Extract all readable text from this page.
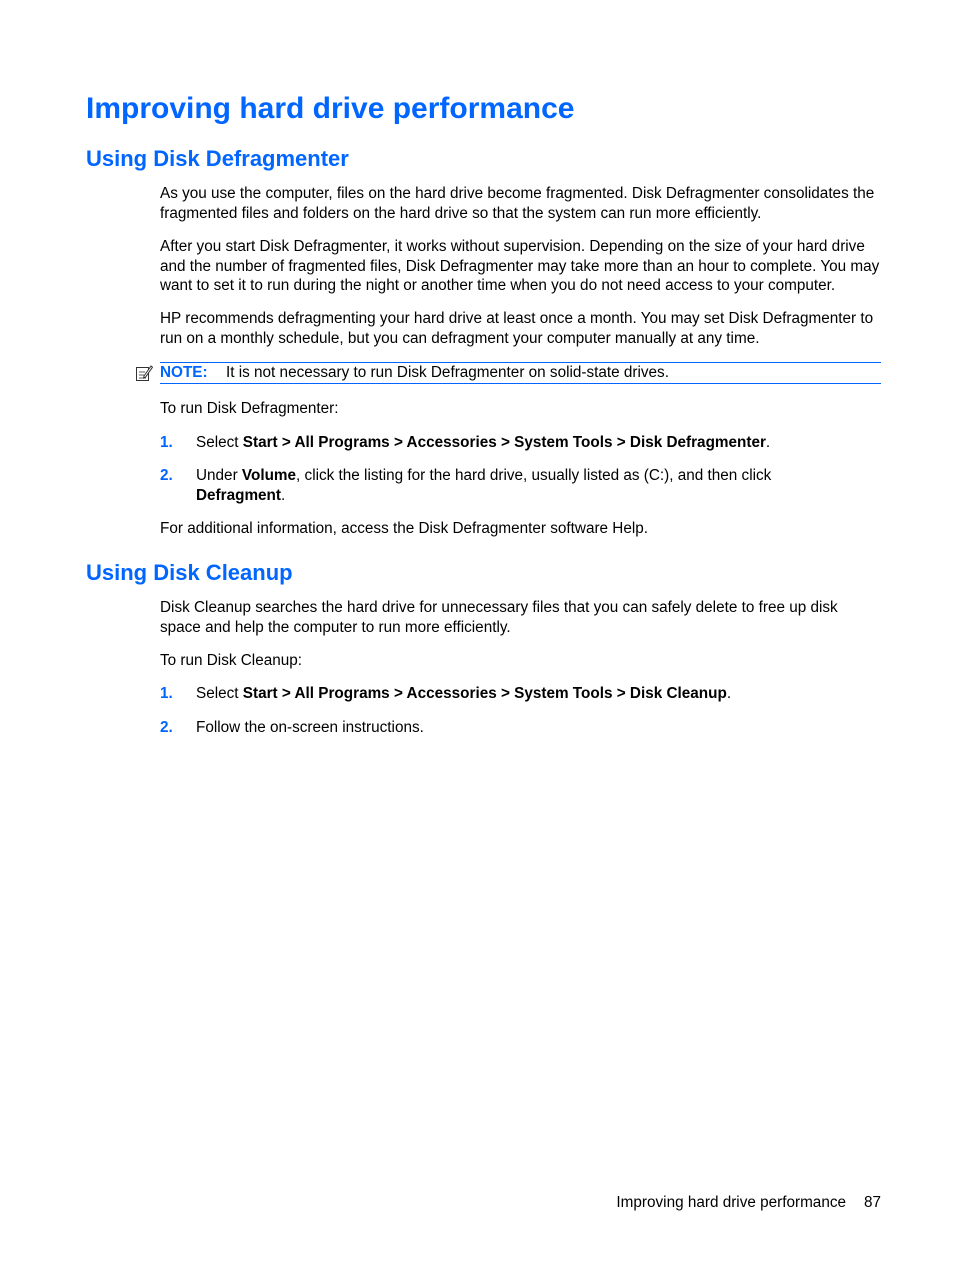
Improving hard drive performance
Using Disk Defragmenter

As you use the computer, files on the hard drive become fragmented. Disk Defragmenter consolidates the fragmented files and folders on the hard drive so that the system can run more efficiently.

After you start Disk Defragmenter, it works without supervision. Depending on the size of your hard drive and the number of fragmented files, Disk Defragmenter may take more than an hour to complete. You may want to set it to run during the night or another time when you do not need access to your computer.

HP recommends defragmenting your hard drive at least once a month. You may set Disk Defragmenter to run on a monthly schedule, but you can defragment your computer manually at any time.

NOTE: It is not necessary to run Disk Defragmenter on solid-state drives.

To run Disk Defragmenter:

1. Select Start > All Programs > Accessories > System Tools > Disk Defragmenter.
2. Under Volume, click the listing for the hard drive, usually listed as (C:), and then click Defragment.

For additional information, access the Disk Defragmenter software Help.

Using Disk Cleanup

Disk Cleanup searches the hard drive for unnecessary files that you can safely delete to free up disk space and help the computer to run more efficiently.

To run Disk Cleanup:

1. Select Start > All Programs > Accessories > System Tools > Disk Cleanup.
2. Follow the on-screen instructions.
Improving hard drive performance 87
